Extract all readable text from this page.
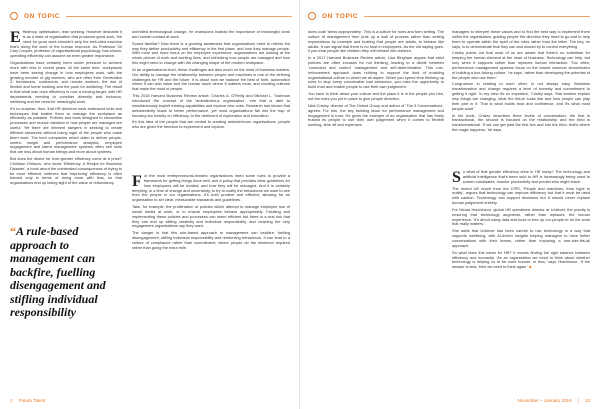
ON TOPIC

Efficiency, optimisation, lean working. However desirable it is as a state of organisation that produces good work, the need for good work shouldn't strip the well-oiled machine that's doing the work of the human resource. As Professor Sir Cary Cooper, professor of organisational psychology, has shown, operating efficiently can assume an even greater importance.

Organisations have certainly been under pressure to achieve more with less in recent years. At the same time, workplaces have been seeing change in how employees work, with the growing number of gig workers, who are often from Generation Z, freelancers, contractors, and remote workers, the rise of flexible and home working and the push for wellbeing. The result is that what was once efficiency is now a moving target, with HR departments needing to consider diversity and inclusion, wellbeing and the need for meaningful work.

It's no surprise, then, that HR directors have embraced tools and techniques that enable them to manage the workplace as efficiently as possible. Policies and tools designed to streamline processes and reduce variation in how people are managed are useful. Yet there are inherent dangers in seeking to create efficient structures without losing sight of the people who make them work. The tech companies which claim to deliver people-centric insight and performance analytics, employee engagement and talent management systems often sell tools that are less about human beings and more about systems.

But does the desire for ever-greater efficiency come at a price? Christian Ohlsson, who wrote 'Efficiency: A Recipe for Business Disaster', a book about the unintended consequences of trying to be more efficient, believes that 'improving' efficiency is often framed only in terms of doing more with less, so that organisations end up losing sight of the value of redundancy.

“A rule-based approach to management can backfire, fuelling disengagement and stifling individual responsibility

unbridled technological change, he champions instead the importance of meaningful work and human contact at work.

Sound familiar? Now there is a growing awareness that organisations need to rethink the way they define productivity and efficiency in the first place, and how they manage people. With more and more focus on the employee experience, organisations are looking at the whole picture of work and working lives, and rethinking how people are managed and how this might need to change with the changing shape of the modern workplace.

At an organisational level, these challenges are also much on the mind of business leaders. Our ability to manage the relationship between people and machines is one of the defining challenges for HR and the future. It is about how we balance the best of both, automation where it can add value and the human touch where it matters most, and creating cultures that make the most of people.

This 2018 Harvard Business Review article, Charles A. O'Reilly and Michael L. Tushman introduced the concept of the 'ambidextrous organisation', one that is able to simultaneously exploit existing capabilities and explore new ones. Research has shown that ambidexterity leads to better performance, yet most organisations fall into the trap of focusing too heavily on efficiency, to the detriment of exploration and innovation.

It's this idea of the people that are central to creating ambidextrous organisations, people who are given the freedom to experiment and explore.

For the most entrepreneurial-minded organisations need some rules to provide a framework for getting things done well, and a policy that provides clear guidelines for how employees will be treated, and how they will be managed. And it is certainly tempting, in a time of change and uncertainty, to try to codify the behaviours we want to see from the people in our organisations. It's both prudent and efficient, allowing for an organisation to set clear, measurable standards and guidelines.

Take, for example, the proliferation of policies which attempt to manage employee use of social media at work, or to ensure employees behave appropriately. Creating and implementing these policies and processes can seem efficient but there is a real risk that they can end up stifling creativity and individual responsibility, and crushing the very engagement organisations say they want.

The danger is that this rule-based approach to management can backfire, fuelling disengagement, stifling individual responsibility and reinforcing behaviours. It can lead to a culture of compliance rather than commitment, where people do the minimum required rather than going the extra mile.

≡ Future Talent
ON TOPIC

does code 'dress appropriately'. This is a culture for rules and form setting. The culture of management then puts up a wall of process rather than setting expectations by example and trusting that people are adults, to behave like adults. It can signal that there is no trust in employees. As the old saying goes, if you treat people like children they will behave like children.

In a 2017 Harvard Business Review article, Lisa Bingham argues that strict policies are often excuses for not thinking, leading to a divide between 'command and control' management and self-determination. This rule-enforcement approach does nothing to support the kind of enabling organisational culture to which we all aspire. When you spend time thinking up rules to stop every conceivable bad behaviour, you miss the opportunity to build trust and enable people to use their own judgement.

You have to think about your culture and the place it is in the people you hire, not the rules you put in place to give people direction.

Nick Crisley, director of The Oxford Group and author of 'The 3 Conversations', agrees. For him, the key building block for performance management and engagement is trust. He gives the example of an organisation that has freely trusted its people to use their own judgement when it comes to flexible working, time off and expenses.

managers to interpret these values and to find the best way to implement them within the organisation, guiding people the direction they need to go and to help them to operate within the spirit of the rules rather than the letter. The key, he says, is to demonstrate that they can and should try to control everything.

Crisley points out that most of us are aware that there's no substitute for keeping the human element at the heart of business. Technology can help, but only when it supports rather than replaces human interaction. 'Too often, performance management systems focus on the lowest common denominator of building a box-ticking culture,' he says, 'rather than developing the potential of the people who use them.'

Congruence in relating to each other, is not always easy. Business transformation and change requires a level of honesty and commitment to getting it right. 'In my view it's so important,' Crisley says, 'that leaders explain why things are changing, what the future looks like and how people can play their part in it. That is what builds trust and confidence, and it's what most people want.'

In his book, Crisley describes three levels of conversation: the first is transactional, the second is focused on the relationship and the third is transformational. 'If we can get past the first two and into the third, that's where the magic happens,' he says.

So what of that greater efficiency drive in HR today? The technology and artificial intelligence that's been sold to HR is increasingly being used to screen candidates, monitor productivity and predict who might leave.

The recent UK report from the CIPD, 'People and machines: from hype to reality', argues that technology can improve efficiency but that it must be used with caution. Technology can support decisions but it should never replace human judgement entirely.

For Nicola Hutchinson, global HR operations director at Unilever, the priority is ensuring that technology augments, rather than replaces, the human experience. 'It's about using data and tools to free up our people to do the work that really matters.'

She adds that Unilever has been careful to use technology in a way that supports wellbeing, with AI-driven insights helping managers to have better conversations with their teams, rather than imposing a one-size-fits-all approach.

So what does this mean for HR? It means finding the right balance between efficiency and humanity. 'As an organisation we need to think about whether technology is helping us to be more human, or less,' says Hutchinson. 'If the answer is less, then we need to think again.' ■

November – January 2019 | 13
